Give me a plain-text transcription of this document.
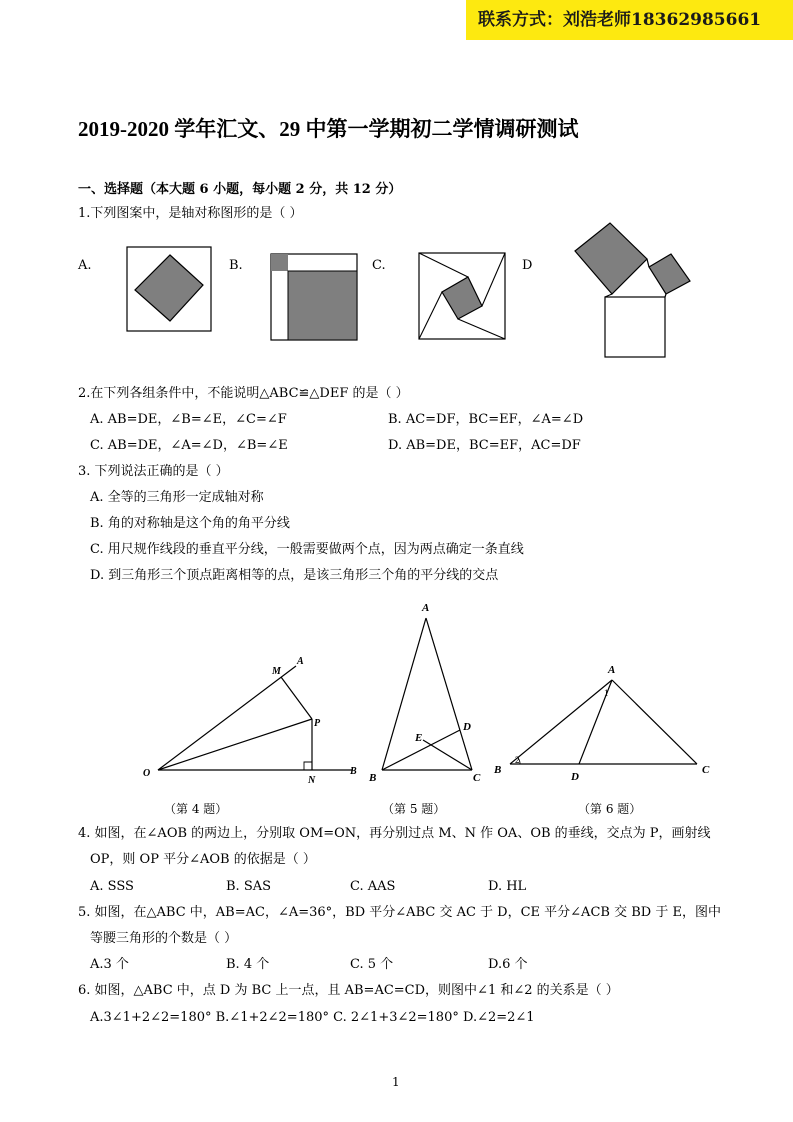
联系方式：刘浩老师18362985661
2019-2020 学年汇文、29 中第一学期初二学情调研测试
一、选择题（本大题 6 小题，每小题 2 分，共 12 分）
1.下列图案中，是轴对称图形的是（ ）
A.	B.	C.	D
2.在下列各组条件中，不能说明△ABC≌△DEF 的是（ ）
A. AB=DE，∠B=∠E，∠C=∠F	B. AC=DF，BC=EF，∠A=∠D
C. AB=DE，∠A=∠D，∠B=∠E	D. AB=DE，BC=EF，AC=DF
3. 下列说法正确的是（ ）
A. 全等的三角形一定成轴对称
B. 角的对称轴是这个角的角平分线
C. 用尺规作线段的垂直平分线，一般需要做两个点，因为两点确定一条直线
D. 到三角形三个顶点距离相等的点，是该三角形三个角的平分线的交点
M
A
P
O
N
B
A
D
E
B	C
A
1
B
2
D
C
（第 4 题）	（第 5 题）	（第 6 题）
4. 如图，在∠AOB 的两边上，分别取 OM=ON，再分别过点 M、N 作 OA、OB 的垂线，交点为 P，画射线
OP，则 OP 平分∠AOB 的依据是（ ）
A. SSS	B. SAS	C. AAS	D. HL
5. 如图，在△ABC 中，AB=AC，∠A=36°，BD 平分∠ABC 交 AC 于 D，CE 平分∠ACB 交 BD 于 E，图中
等腰三角形的个数是（ ）
A.3 个	B. 4 个	C. 5 个	D.6 个
6. 如图，△ABC 中，点 D 为 BC 上一点，且 AB=AC=CD，则图中∠1 和∠2 的关系是（ ）
A.3∠1+2∠2=180° B.∠1+2∠2=180° C. 2∠1+3∠2=180° D.∠2=2∠1
1
